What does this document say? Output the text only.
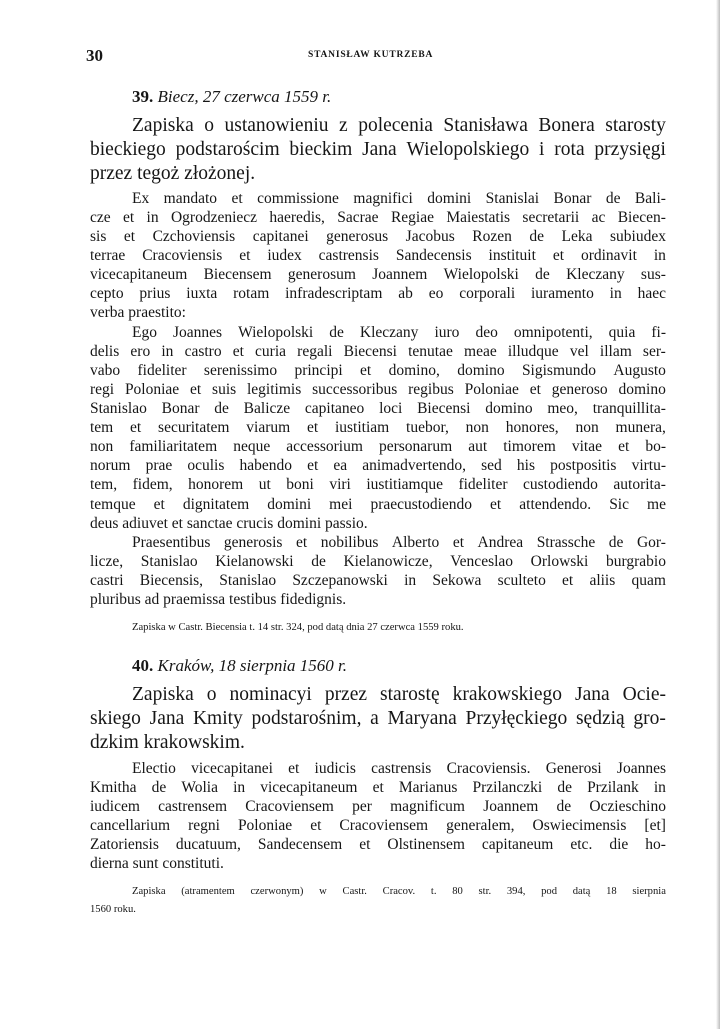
30	STANISŁAW KUTRZEBA
39. Biecz, 27 czerwca 1559 r.
Zapiska o ustanowieniu z polecenia Stanisława Bonera starosty
bieckiego podstarościm bieckim Jana Wielopolskiego i rota przysięgi
przez tegoż złożonej.
Ex mandato et commissione magnifici domini Stanislai Bonar de Bali-
cze et in Ogrodzeniecz haeredis, Sacrae Regiae Maiestatis secretarii ac Biecen-
sis et Czchoviensis capitanei generosus Jacobus Rozen de Leka subiudex
terrae Cracoviensis et iudex castrensis Sandecensis instituit et ordinavit in
vicecapitaneum Biecensem generosum Joannem Wielopolski de Kleczany sus-
cepto prius iuxta rotam infradescriptam ab eo corporali iuramento in haec
verba praestito:
Ego Joannes Wielopolski de Kleczany iuro deo omnipotenti, quia fi-
delis ero in castro et curia regali Biecensi tenutae meae illudque vel illam ser-
vabo fideliter serenissimo principi et domino, domino Sigismundo Augusto
regi Poloniae et suis legitimis successoribus regibus Poloniae et generoso domino
Stanislao Bonar de Balicze capitaneo loci Biecensi domino meo, tranquillita-
tem et securitatem viarum et iustitiam tuebor, non honores, non munera,
non familiaritatem neque accessorium personarum aut timorem vitae et bo-
norum prae oculis habendo et ea animadvertendo, sed his postpositis virtu-
tem, fidem, honorem ut boni viri iustitiamque fideliter custodiendo autorita-
temque et dignitatem domini mei praecustodiendo et attendendo. Sic me
deus adiuvet et sanctae crucis domini passio.
Praesentibus generosis et nobilibus Alberto et Andrea Strassche de Gor-
licze, Stanislao Kielanowski de Kielanowicze, Venceslao Orlowski burgrabio
castri Biecensis, Stanislao Szczepanowski in Sekowa sculteto et aliis quam
pluribus ad praemissa testibus fidedignis.
Zapiska w Castr. Biecensia t. 14 str. 324, pod datą dnia 27 czerwca 1559 roku.
40. Kraków, 18 sierpnia 1560 r.
Zapiska o nominacyi przez starostę krakowskiego Jana Ocie-
skiego Jana Kmity podstarośnim, a Maryana Przyłęckiego sędzią gro-
dzkim krakowskim.
Electio vicecapitanei et iudicis castrensis Cracoviensis. Generosi Joannes
Kmitha de Wolia in vicecapitaneum et Marianus Przilanczki de Przilank in
iudicem castrensem Cracoviensem per magnificum Joannem de Oczieschino
cancellarium regni Poloniae et Cracoviensem generalem, Oswiecimensis [et]
Zatoriensis ducatuum, Sandecensem et Olstinensem capitaneum etc. die ho-
dierna sunt constituti.
Zapiska (atramentem czerwonym) w Castr. Cracov. t. 80 str. 394, pod datą 18 sierpnia
1560 roku.
